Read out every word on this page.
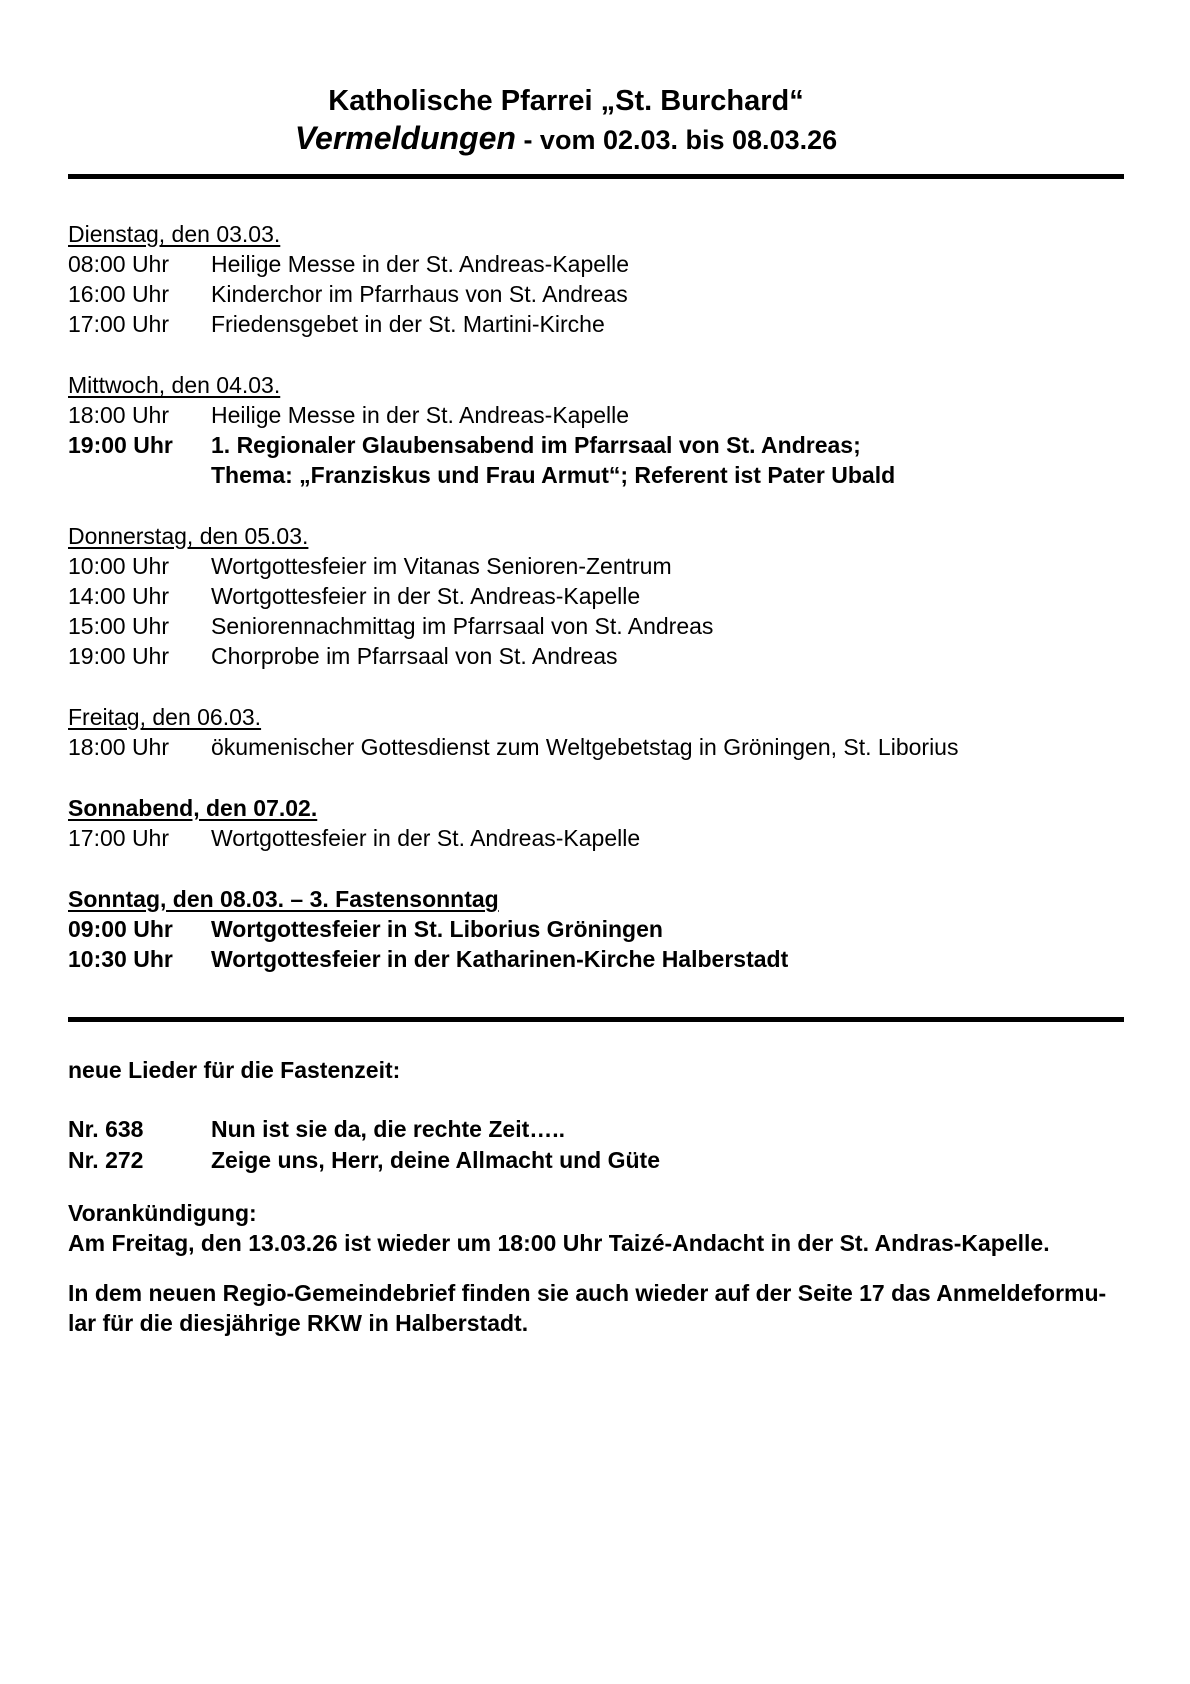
Katholische Pfarrei „St. Burchard“
Vermeldungen - vom 02.03. bis 08.03.26
Dienstag, den 03.03.
08:00 Uhr	Heilige Messe in der St. Andreas-Kapelle
16:00 Uhr	Kinderchor im Pfarrhaus von St. Andreas
17:00 Uhr	Friedensgebet in der St. Martini-Kirche
Mittwoch, den 04.03.
18:00 Uhr	Heilige Messe in der St. Andreas-Kapelle
19:00 Uhr	1. Regionaler Glaubensabend im Pfarrsaal von St. Andreas;
Thema: „Franziskus und Frau Armut“; Referent ist Pater Ubald
Donnerstag, den 05.03.
10:00 Uhr	Wortgottesfeier im Vitanas Senioren-Zentrum
14:00 Uhr	Wortgottesfeier in der St. Andreas-Kapelle
15:00 Uhr	Seniorennachmittag im Pfarrsaal von St. Andreas
19:00 Uhr	Chorprobe im Pfarrsaal von St. Andreas
Freitag, den 06.03.
18:00 Uhr	ökumenischer Gottesdienst zum Weltgebetstag in Gröningen, St. Liborius
Sonnabend, den 07.02.
17:00 Uhr	Wortgottesfeier in der St. Andreas-Kapelle
Sonntag, den 08.03. – 3. Fastensonntag
09:00 Uhr	Wortgottesfeier in St. Liborius Gröningen
10:30 Uhr	Wortgottesfeier in der Katharinen-Kirche Halberstadt
neue Lieder für die Fastenzeit:
Nr. 638	Nun ist sie da, die rechte Zeit…..
Nr. 272	Zeige uns, Herr, deine Allmacht und Güte
Vorankündigung:
Am Freitag, den 13.03.26 ist wieder um 18:00 Uhr Taizé-Andacht in der St. Andras-Kapelle.
In dem neuen Regio-Gemeindebrief finden sie auch wieder auf der Seite 17 das Anmeldeformu-
lar für die diesjährige RKW in Halberstadt.
